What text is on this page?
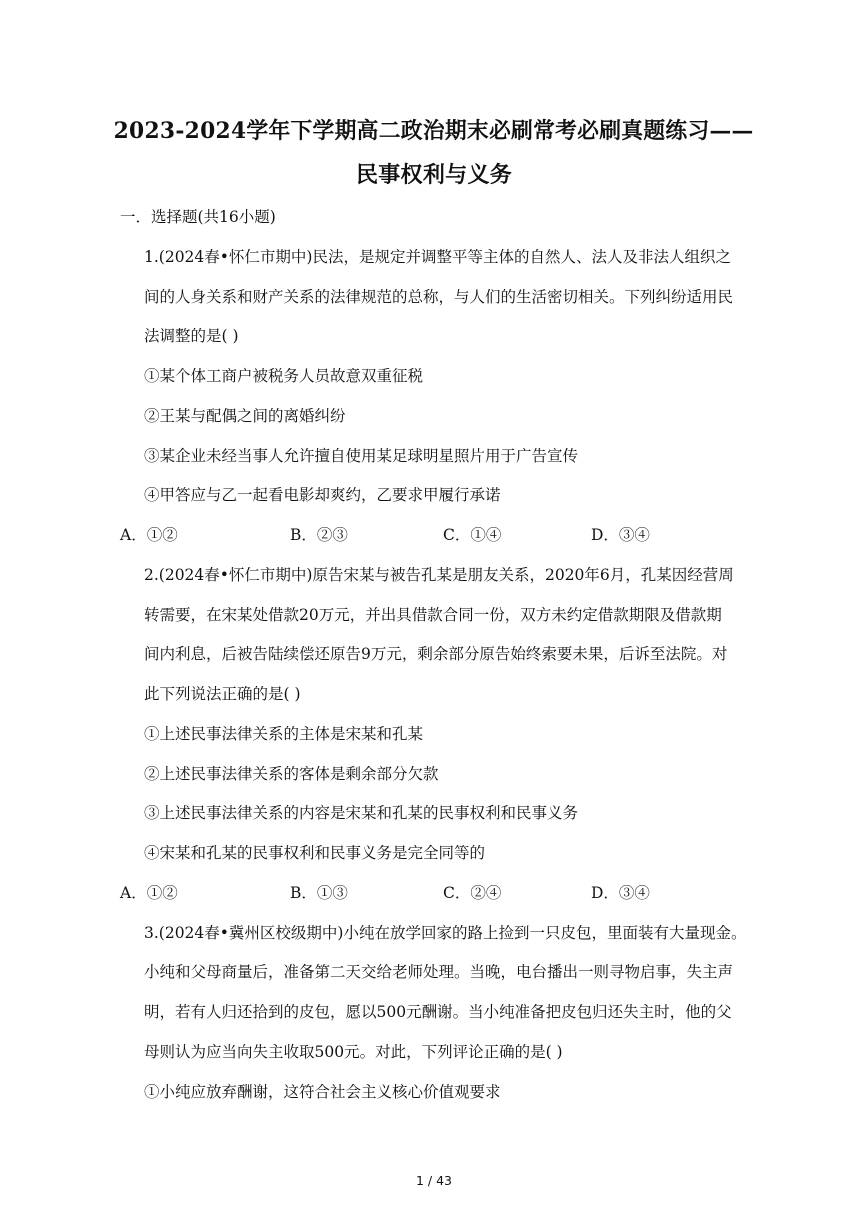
2023-2024学年下学期高二政治期末必刷常考必刷真题练习——
民事权利与义务
一．选择题(共16小题)
1.(2024春•怀仁市期中)民法，是规定并调整平等主体的自然人、法人及非法人组织之
间的人身关系和财产关系的法律规范的总称，与人们的生活密切相关。下列纠纷适用民
法调整的是( )
①某个体工商户被税务人员故意双重征税
②王某与配偶之间的离婚纠纷
③某企业未经当事人允许擅自使用某足球明星照片用于广告宣传
④甲答应与乙一起看电影却爽约，乙要求甲履行承诺
A．①②	B．②③	C．①④	D．③④
2.(2024春•怀仁市期中)原告宋某与被告孔某是朋友关系，2020年6月，孔某因经营周
转需要，在宋某处借款20万元，并出具借款合同一份，双方未约定借款期限及借款期
间内利息，后被告陆续偿还原告9万元，剩余部分原告始终索要未果，后诉至法院。对
此下列说法正确的是( )
①上述民事法律关系的主体是宋某和孔某
②上述民事法律关系的客体是剩余部分欠款
③上述民事法律关系的内容是宋某和孔某的民事权利和民事义务
④宋某和孔某的民事权利和民事义务是完全同等的
A．①②	B．①③	C．②④	D．③④
3.(2024春•冀州区校级期中)小纯在放学回家的路上捡到一只皮包，里面装有大量现金。
小纯和父母商量后，准备第二天交给老师处理。当晚，电台播出一则寻物启事，失主声
明，若有人归还拾到的皮包，愿以500元酬谢。当小纯准备把皮包归还失主时，他的父
母则认为应当向失主收取500元。对此，下列评论正确的是( )
①小纯应放弃酬谢，这符合社会主义核心价值观要求
1 / 43
